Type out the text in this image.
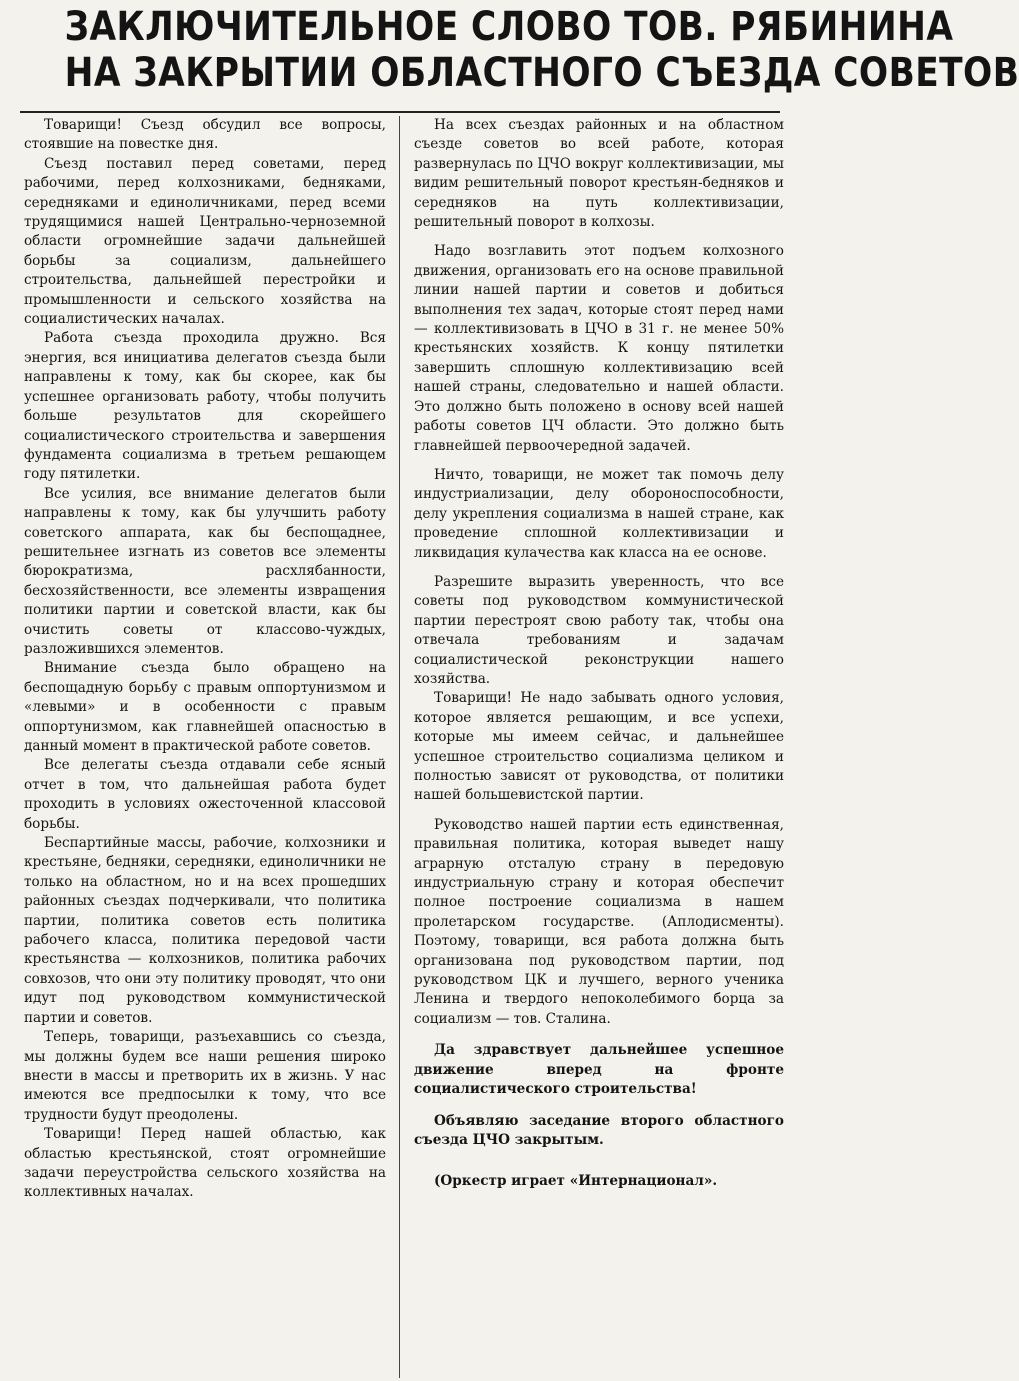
ЗАКЛЮЧИТЕЛЬНОЕ СЛОВО ТОВ. РЯБИНИНА
НА ЗАКРЫТИИ ОБЛАСТНОГО СЪЕЗДА СОВЕТОВ

Товарищи! Съезд обсудил все вопросы, стоявшие на повестке дня.

Съезд поставил перед советами, перед рабочими, перед колхозниками, бедняками, середняками и единоличниками, перед всеми трудящимися нашей Центрально-черноземной области огромнейшие задачи дальнейшей борьбы за социализм, дальнейшего строительства, дальнейшей перестройки и промышленности и сельского хозяйства на социалистических началах.

Работа съезда проходила дружно. Вся энергия, вся инициатива делегатов съезда были направлены к тому, как бы скорее, как бы успешнее организовать работу, чтобы получить больше результатов для скорейшего социалистического строительства и завершения фундамента социализма в третьем решающем году пятилетки.

Все усилия, все внимание делегатов были направлены к тому, как бы улучшить работу советского аппарата, как бы беспощаднее, решительнее изгнать из советов все элементы бюрократизма, расхлябанности, бесхозяйственности, все элементы извращения политики партии и советской власти, как бы очистить советы от классово-чуждых, разложившихся элементов.

Внимание съезда было обращено на беспощадную борьбу с правым оппортунизмом и «левыми» и в особенности с правым оппортунизмом, как главнейшей опасностью в данный момент в практической работе советов.

Все делегаты съезда отдавали себе ясный отчет в том, что дальнейшая работа будет проходить в условиях ожесточенной классовой борьбы.

Беспартийные массы, рабочие, колхозники и крестьяне, бедняки, середняки, единоличники не только на областном, но и на всех прошедших районных съездах подчеркивали, что политика партии, политика советов есть политика рабочего класса, политика передовой части крестьянства — колхозников, политика рабочих совхозов, что они эту политику проводят, что они идут под руководством коммунистической партии и советов.

Теперь, товарищи, разъехавшись со съезда, мы должны будем все наши решения широко внести в массы и претворить их в жизнь. У нас имеются все предпосылки к тому, что все трудности будут преодолены.

Товарищи! Перед нашей областью, как областью крестьянской, стоят огромнейшие задачи переустройства сельского хозяйства на коллективных началах.

На всех съездах районных и на областном съезде советов во всей работе, которая развернулась по ЦЧО вокруг коллективизации, мы видим решительный поворот крестьян-бедняков и середняков на путь коллективизации, решительный поворот в колхозы.

Надо возглавить этот подъем колхозного движения, организовать его на основе правильной линии нашей партии и советов и добиться выполнения тех задач, которые стоят перед нами — коллективизовать в ЦЧО в 31 г. не менее 50% крестьянских хозяйств. К концу пятилетки завершить сплошную коллективизацию всей нашей страны, следовательно и нашей области. Это должно быть положено в основу всей нашей работы советов ЦЧ области. Это должно быть главнейшей первоочередной задачей.

Ничто, товарищи, не может так помочь делу индустриализации, делу обороноспособности, делу укрепления социализма в нашей стране, как проведение сплошной коллективизации и ликвидация кулачества как класса на ее основе.

Разрешите выразить уверенность, что все советы под руководством коммунистической партии перестроят свою работу так, чтобы она отвечала требованиям и задачам социалистической реконструкции нашего хозяйства.

Товарищи! Не надо забывать одного условия, которое является решающим, и все успехи, которые мы имеем сейчас, и дальнейшее успешное строительство социализма целиком и полностью зависят от руководства, от политики нашей большевистской партии.

Руководство нашей партии есть единственная, правильная политика, которая выведет нашу аграрную отсталую страну в передовую индустриальную страну и которая обеспечит полное построение социализма в нашем пролетарском государстве. (Аплодисменты). Поэтому, товарищи, вся работа должна быть организована под руководством партии, под руководством ЦК и лучшего, верного ученика Ленина и твердого непоколебимого борца за социализм — тов. Сталина.

Да здравствует дальнейшее успешное движение вперед на фронте социалистического строительства!

Объявляю заседание второго областного съезда ЦЧО закрытым.

(Оркестр играет «Интернационал».
